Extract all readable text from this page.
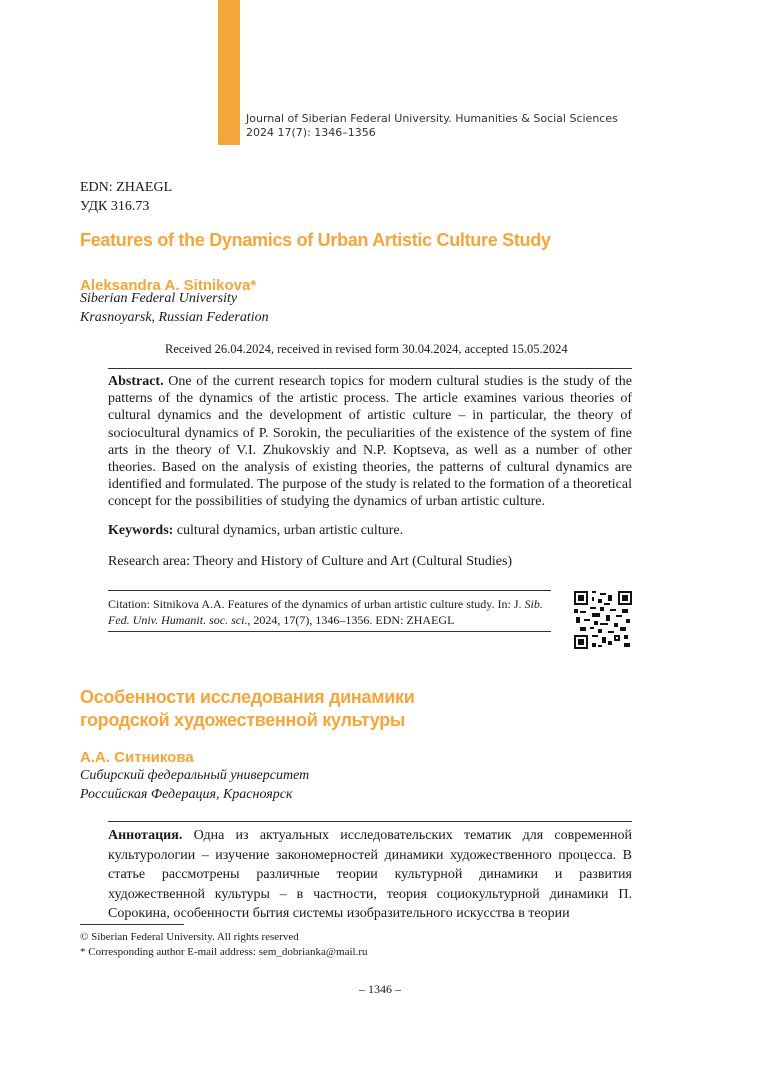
Journal of Siberian Federal University. Humanities & Social Sciences
2024 17(7): 1346–1356
EDN: ZHAEGL
УДК 316.73
Features of the Dynamics of Urban Artistic Culture Study
Aleksandra A. Sitnikova*
Siberian Federal University
Krasnoyarsk, Russian Federation
Received 26.04.2024, received in revised form 30.04.2024, accepted 15.05.2024
Abstract. One of the current research topics for modern cultural studies is the study of the patterns of the dynamics of the artistic process. The article examines various theories of cultural dynamics and the development of artistic culture – in particular, the theory of sociocultural dynamics of P. Sorokin, the peculiarities of the existence of the system of fine arts in the theory of V.I. Zhukovskiy and N.P. Koptseva, as well as a number of other theories. Based on the analysis of existing theories, the patterns of cultural dynamics are identified and formulated. The purpose of the study is related to the formation of a theoretical concept for the possibilities of studying the dynamics of urban artistic culture.
Keywords: cultural dynamics, urban artistic culture.
Research area: Theory and History of Culture and Art (Cultural Studies)
Citation: Sitnikova A.A. Features of the dynamics of urban artistic culture study. In: J. Sib. Fed. Univ. Humanit. soc. sci., 2024, 17(7), 1346–1356. EDN: ZHAEGL
Особенности исследования динамики
городской художественной культуры
А.А. Ситникова
Сибирский федеральный университет
Российская Федерация, Красноярск
Аннотация. Одна из актуальных исследовательских тематик для современной культурологии – изучение закономерностей динамики художественного процесса. В статье рассмотрены различные теории культурной динамики и развития художественной культуры – в частности, теория социокультурной динамики П. Сорокина, особенности бытия системы изобразительного искусства в теории
© Siberian Federal University. All rights reserved
* Corresponding author E-mail address: sem_dobrianka@mail.ru
– 1346 –
